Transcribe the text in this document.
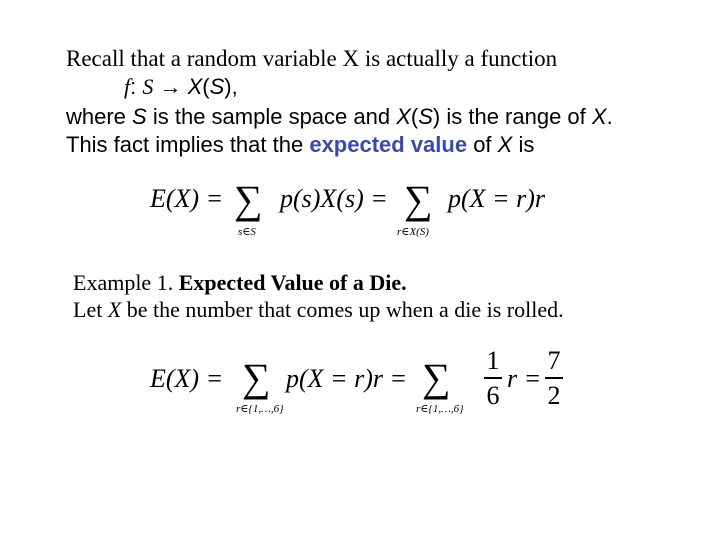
Recall that a random variable X is actually a function
f: S → X(S),
where S is the sample space and X(S) is the range of X.
This fact implies that the expected value of X is
E(X) = ∑ p(s)X(s) = ∑ p(X = r)r
s∈S	r∈X(S)
Example 1. Expected Value of a Die.
Let X be the number that comes up when a die is rolled.
E(X) = ∑ p(X = r)r = ∑ 1
6
r =
7
2
r∈{1,…,6}	r∈{1,…,6}
